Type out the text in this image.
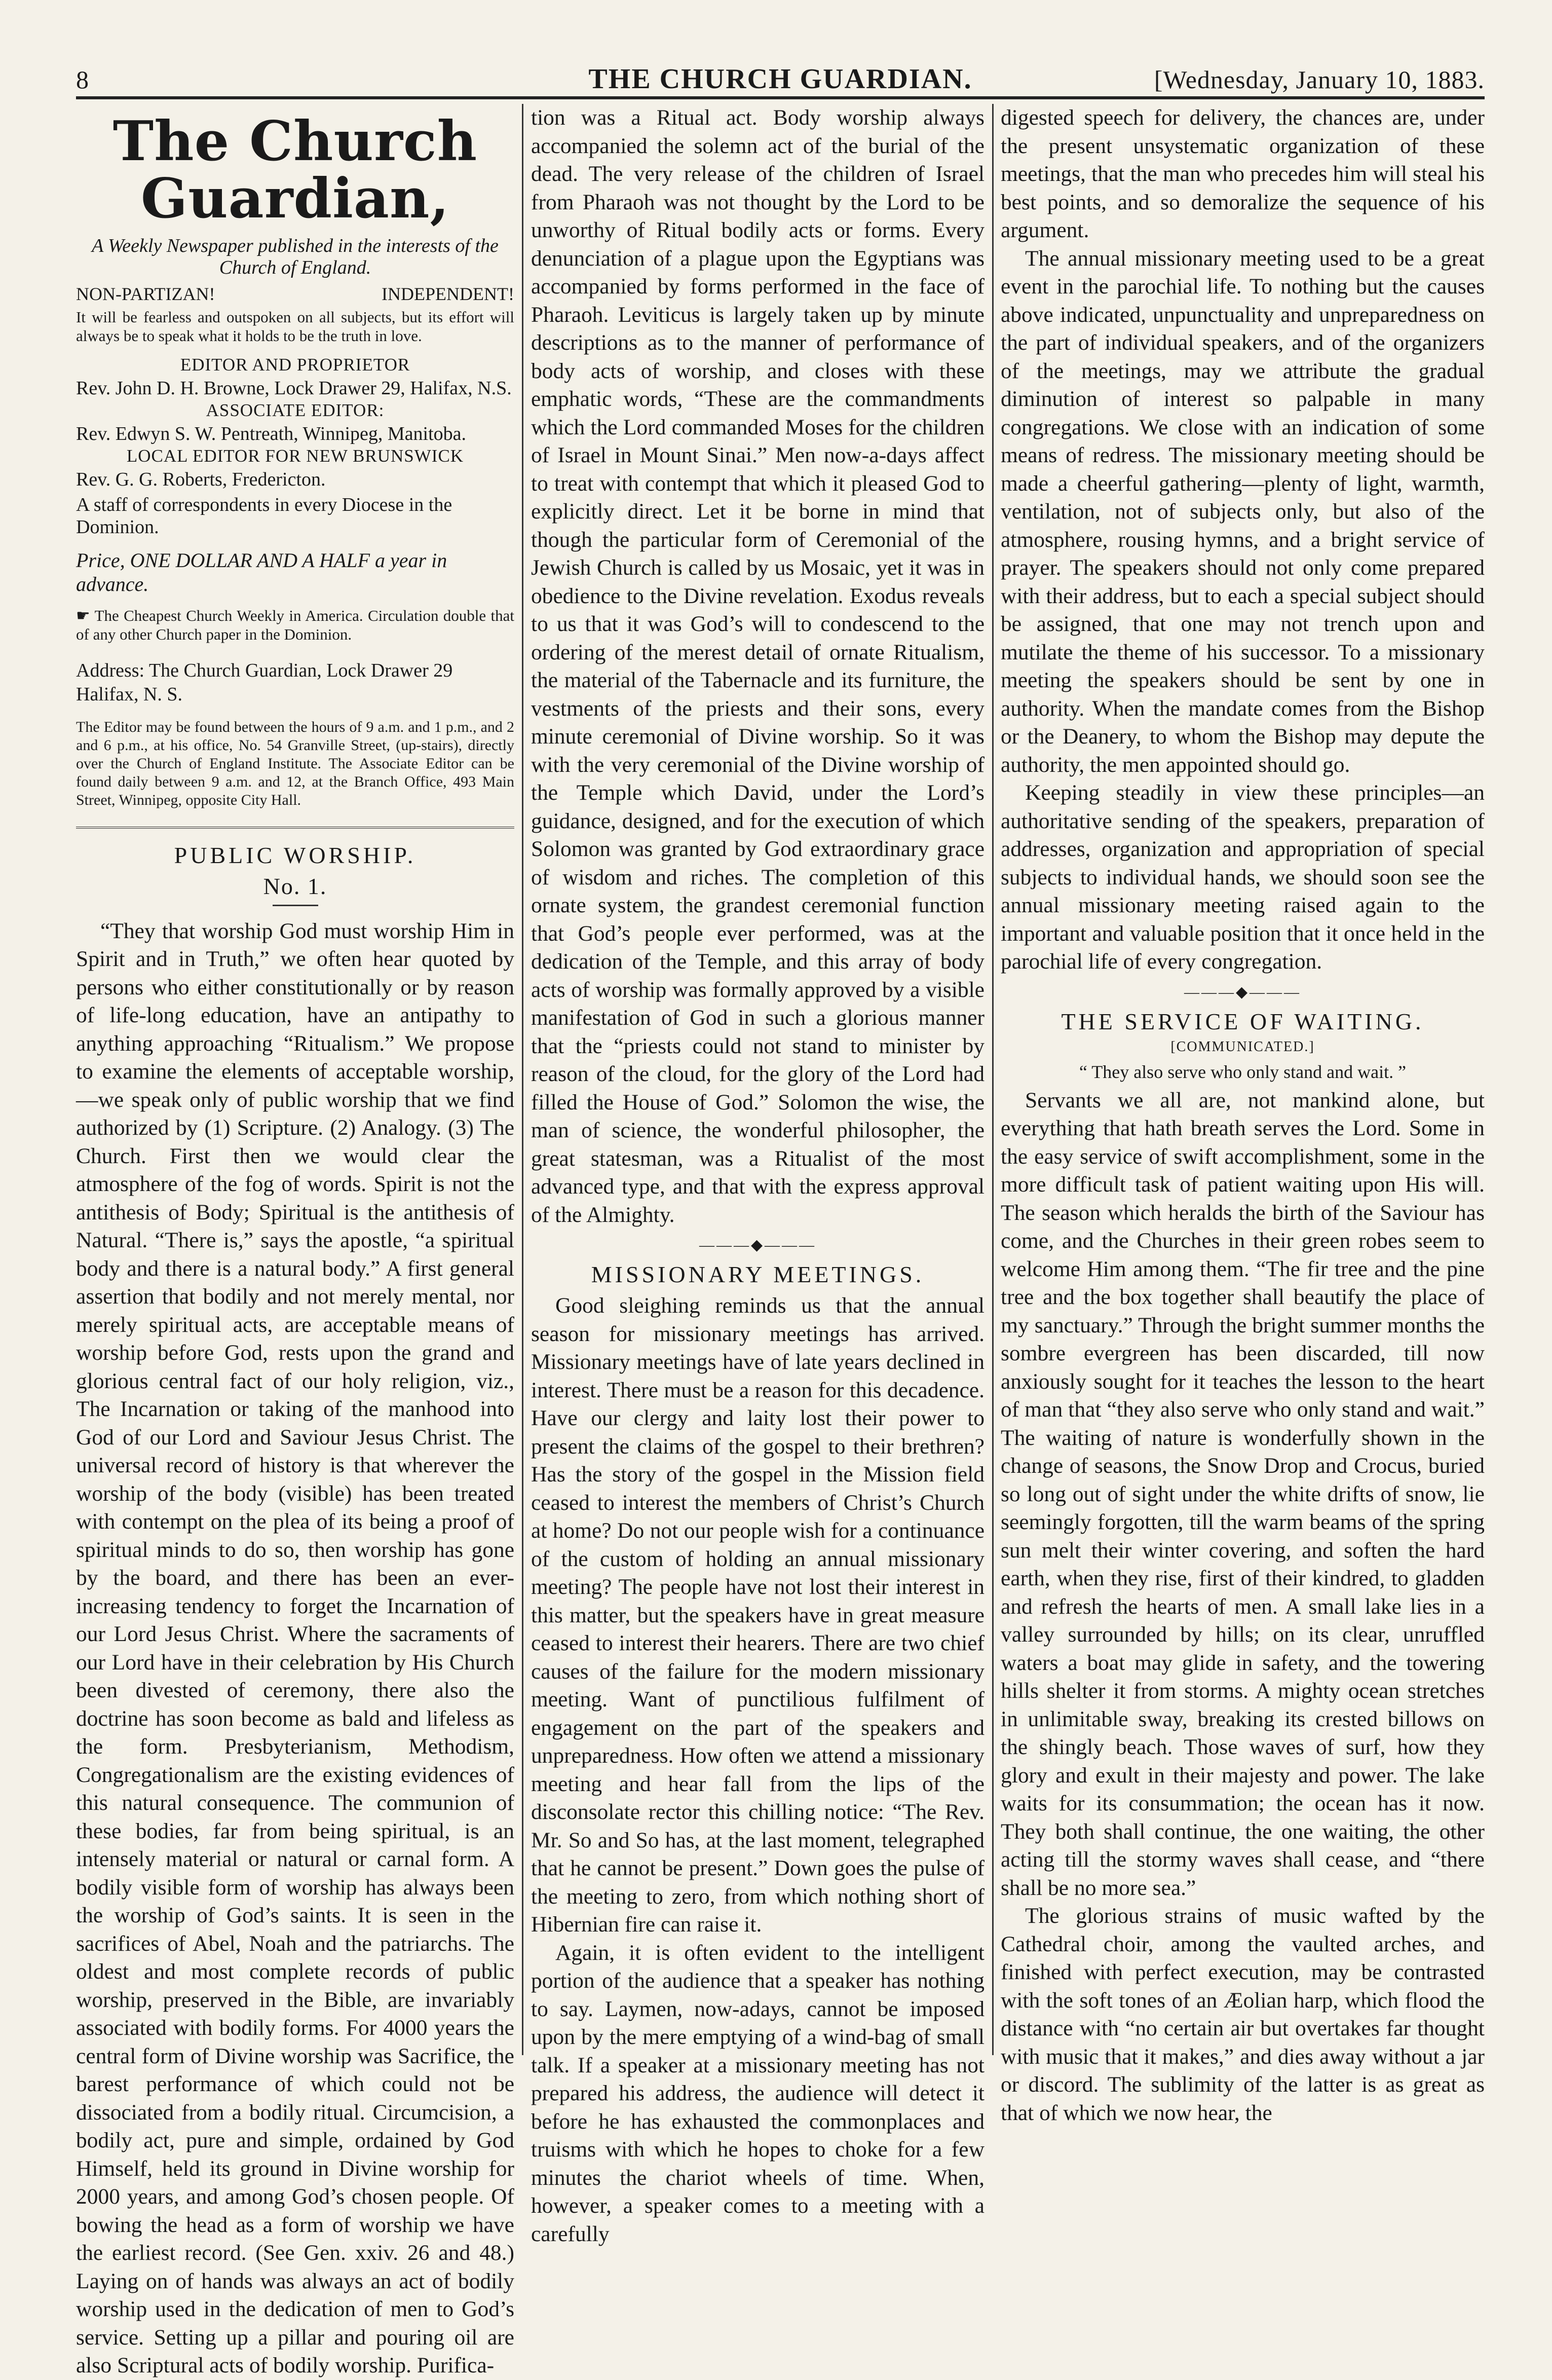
8	THE CHURCH GUARDIAN.	[Wednesday, January 10, 1883.
The Church Guardian,
A Weekly Newspaper published in the interests of the Church of England.
NON-PARTIZAN!	INDEPENDENT!
It will be fearless and outspoken on all subjects, but its effort will always be to speak what it holds to be the truth in love.
EDITOR AND PROPRIETOR
Rev. John D. H. Browne, Lock Drawer 29, Halifax, N.S.
ASSOCIATE EDITOR:
Rev. Edwyn S. W. Pentreath, Winnipeg, Manitoba.
LOCAL EDITOR FOR NEW BRUNSWICK
Rev. G. G. Roberts, Fredericton.
A staff of correspondents in every Diocese in the Dominion.
Price, ONE DOLLAR AND A HALF a year in advance.
☛ The Cheapest Church Weekly in America. Circulation double that of any other Church paper in the Dominion.
Address: The Church Guardian, Lock Drawer 29 Halifax, N. S.
The Editor may be found between the hours of 9 a.m. and 1 p.m., and 2 and 6 p.m., at his office, No. 54 Granville Street, (up-stairs), directly over the Church of England Institute. The Associate Editor can be found daily between 9 a.m. and 12, at the Branch Office, 493 Main Street, Winnipeg, opposite City Hall.
PUBLIC WORSHIP.
No. 1.

“They that worship God must worship Him in Spirit and in Truth,” we often hear quoted by persons who either constitutionally or by reason of life-long education, have an antipathy to anything approaching “Ritualism.” We propose to examine the elements of acceptable worship,—we speak only of public worship that we find authorized by (1) Scripture. (2) Analogy. (3) The Church. First then we would clear the atmosphere of the fog of words. Spirit is not the antithesis of Body; Spiritual is the antithesis of Natural. “There is,” says the apostle, “a spiritual body and there is a natural body.” A first general assertion that bodily and not merely mental, nor merely spiritual acts, are acceptable means of worship before God, rests upon the grand and glorious central fact of our holy religion, viz., The Incarnation or taking of the manhood into God of our Lord and Saviour Jesus Christ. The universal record of history is that wherever the worship of the body (visible) has been treated with contempt on the plea of its being a proof of spiritual minds to do so, then worship has gone by the board, and there has been an ever-increasing tendency to forget the Incarnation of our Lord Jesus Christ. Where the sacraments of our Lord have in their celebration by His Church been divested of ceremony, there also the doctrine has soon become as bald and lifeless as the form. Presbyterianism, Methodism, Congregationalism are the existing evidences of this natural consequence. The communion of these bodies, far from being spiritual, is an intensely material or natural or carnal form. A bodily visible form of worship has always been the worship of God’s saints. It is seen in the sacrifices of Abel, Noah and the patriarchs. The oldest and most complete records of public worship, preserved in the Bible, are invariably associated with bodily forms. For 4000 years the central form of Divine worship was Sacrifice, the barest performance of which could not be dissociated from a bodily ritual. Circumcision, a bodily act, pure and simple, ordained by God Himself, held its ground in Divine worship for 2000 years, and among God’s chosen people. Of bowing the head as a form of worship we have the earliest record. (See Gen. xxiv. 26 and 48.) Laying on of hands was always an act of bodily worship used in the dedication of men to God’s service. Setting up a pillar and pouring oil are also Scriptural acts of bodily worship. Purifica-

tion was a Ritual act. Body worship always accompanied the solemn act of the burial of the dead. The very release of the children of Israel from Pharaoh was not thought by the Lord to be unworthy of Ritual bodily acts or forms. Every denunciation of a plague upon the Egyptians was accompanied by forms performed in the face of Pharaoh. Leviticus is largely taken up by minute descriptions as to the manner of performance of body acts of worship, and closes with these emphatic words, “These are the commandments which the Lord commanded Moses for the children of Israel in Mount Sinai.” Men now-a-days affect to treat with contempt that which it pleased God to explicitly direct. Let it be borne in mind that though the particular form of Ceremonial of the Jewish Church is called by us Mosaic, yet it was in obedience to the Divine revelation. Exodus reveals to us that it was God’s will to condescend to the ordering of the merest detail of ornate Ritualism, the material of the Tabernacle and its furniture, the vestments of the priests and their sons, every minute ceremonial of Divine worship. So it was with the very ceremonial of the Divine worship of the Temple which David, under the Lord’s guidance, designed, and for the execution of which Solomon was granted by God extraordinary grace of wisdom and riches. The completion of this ornate system, the grandest ceremonial function that God’s people ever performed, was at the dedication of the Temple, and this array of body acts of worship was formally approved by a visible manifestation of God in such a glorious manner that the “priests could not stand to minister by reason of the cloud, for the glory of the Lord had filled the House of God.” Solomon the wise, the man of science, the wonderful philosopher, the great statesman, was a Ritualist of the most advanced type, and that with the express approval of the Almighty.

———◆———
MISSIONARY MEETINGS.

Good sleighing reminds us that the annual season for missionary meetings has arrived. Missionary meetings have of late years declined in interest. There must be a reason for this decadence. Have our clergy and laity lost their power to present the claims of the gospel to their brethren? Has the story of the gospel in the Mission field ceased to interest the members of Christ’s Church at home? Do not our people wish for a continuance of the custom of holding an annual missionary meeting? The people have not lost their interest in this matter, but the speakers have in great measure ceased to interest their hearers. There are two chief causes of the failure for the modern missionary meeting. Want of punctilious fulfilment of engagement on the part of the speakers and unpreparedness. How often we attend a missionary meeting and hear fall from the lips of the disconsolate rector this chilling notice: “The Rev. Mr. So and So has, at the last moment, telegraphed that he cannot be present.” Down goes the pulse of the meeting to zero, from which nothing short of Hibernian fire can raise it.

Again, it is often evident to the intelligent portion of the audience that a speaker has nothing to say. Laymen, now-adays, cannot be imposed upon by the mere emptying of a wind-bag of small talk. If a speaker at a missionary meeting has not prepared his address, the audience will detect it before he has exhausted the commonplaces and truisms with which he hopes to choke for a few minutes the chariot wheels of time. When, however, a speaker comes to a meeting with a carefully

digested speech for delivery, the chances are, under the present unsystematic organization of these meetings, that the man who precedes him will steal his best points, and so demoralize the sequence of his argument.

The annual missionary meeting used to be a great event in the parochial life. To nothing but the causes above indicated, unpunctuality and unpreparedness on the part of individual speakers, and of the organizers of the meetings, may we attribute the gradual diminution of interest so palpable in many congregations. We close with an indication of some means of redress. The missionary meeting should be made a cheerful gathering—plenty of light, warmth, ventilation, not of subjects only, but also of the atmosphere, rousing hymns, and a bright service of prayer. The speakers should not only come prepared with their address, but to each a special subject should be assigned, that one may not trench upon and mutilate the theme of his successor. To a missionary meeting the speakers should be sent by one in authority. When the mandate comes from the Bishop or the Deanery, to whom the Bishop may depute the authority, the men appointed should go.

Keeping steadily in view these principles—an authoritative sending of the speakers, preparation of addresses, organization and appropriation of special subjects to individual hands, we should soon see the annual missionary meeting raised again to the important and valuable position that it once held in the parochial life of every congregation.

———◆———
THE SERVICE OF WAITING.
[COMMUNICATED.]
“ They also serve who only stand and wait. ”

Servants we all are, not mankind alone, but everything that hath breath serves the Lord. Some in the easy service of swift accomplishment, some in the more difficult task of patient waiting upon His will. The season which heralds the birth of the Saviour has come, and the Churches in their green robes seem to welcome Him among them. “The fir tree and the pine tree and the box together shall beautify the place of my sanctuary.” Through the bright summer months the sombre evergreen has been discarded, till now anxiously sought for it teaches the lesson to the heart of man that “they also serve who only stand and wait.” The waiting of nature is wonderfully shown in the change of seasons, the Snow Drop and Crocus, buried so long out of sight under the white drifts of snow, lie seemingly forgotten, till the warm beams of the spring sun melt their winter covering, and soften the hard earth, when they rise, first of their kindred, to gladden and refresh the hearts of men. A small lake lies in a valley surrounded by hills; on its clear, unruffled waters a boat may glide in safety, and the towering hills shelter it from storms. A mighty ocean stretches in unlimitable sway, breaking its crested billows on the shingly beach. Those waves of surf, how they glory and exult in their majesty and power. The lake waits for its consummation; the ocean has it now. They both shall continue, the one waiting, the other acting till the stormy waves shall cease, and “there shall be no more sea.”

The glorious strains of music wafted by the Cathedral choir, among the vaulted arches, and finished with perfect execution, may be contrasted with the soft tones of an Æolian harp, which flood the distance with “no certain air but overtakes far thought with music that it makes,” and dies away without a jar or discord. The sublimity of the latter is as great as that of which we now hear, the
